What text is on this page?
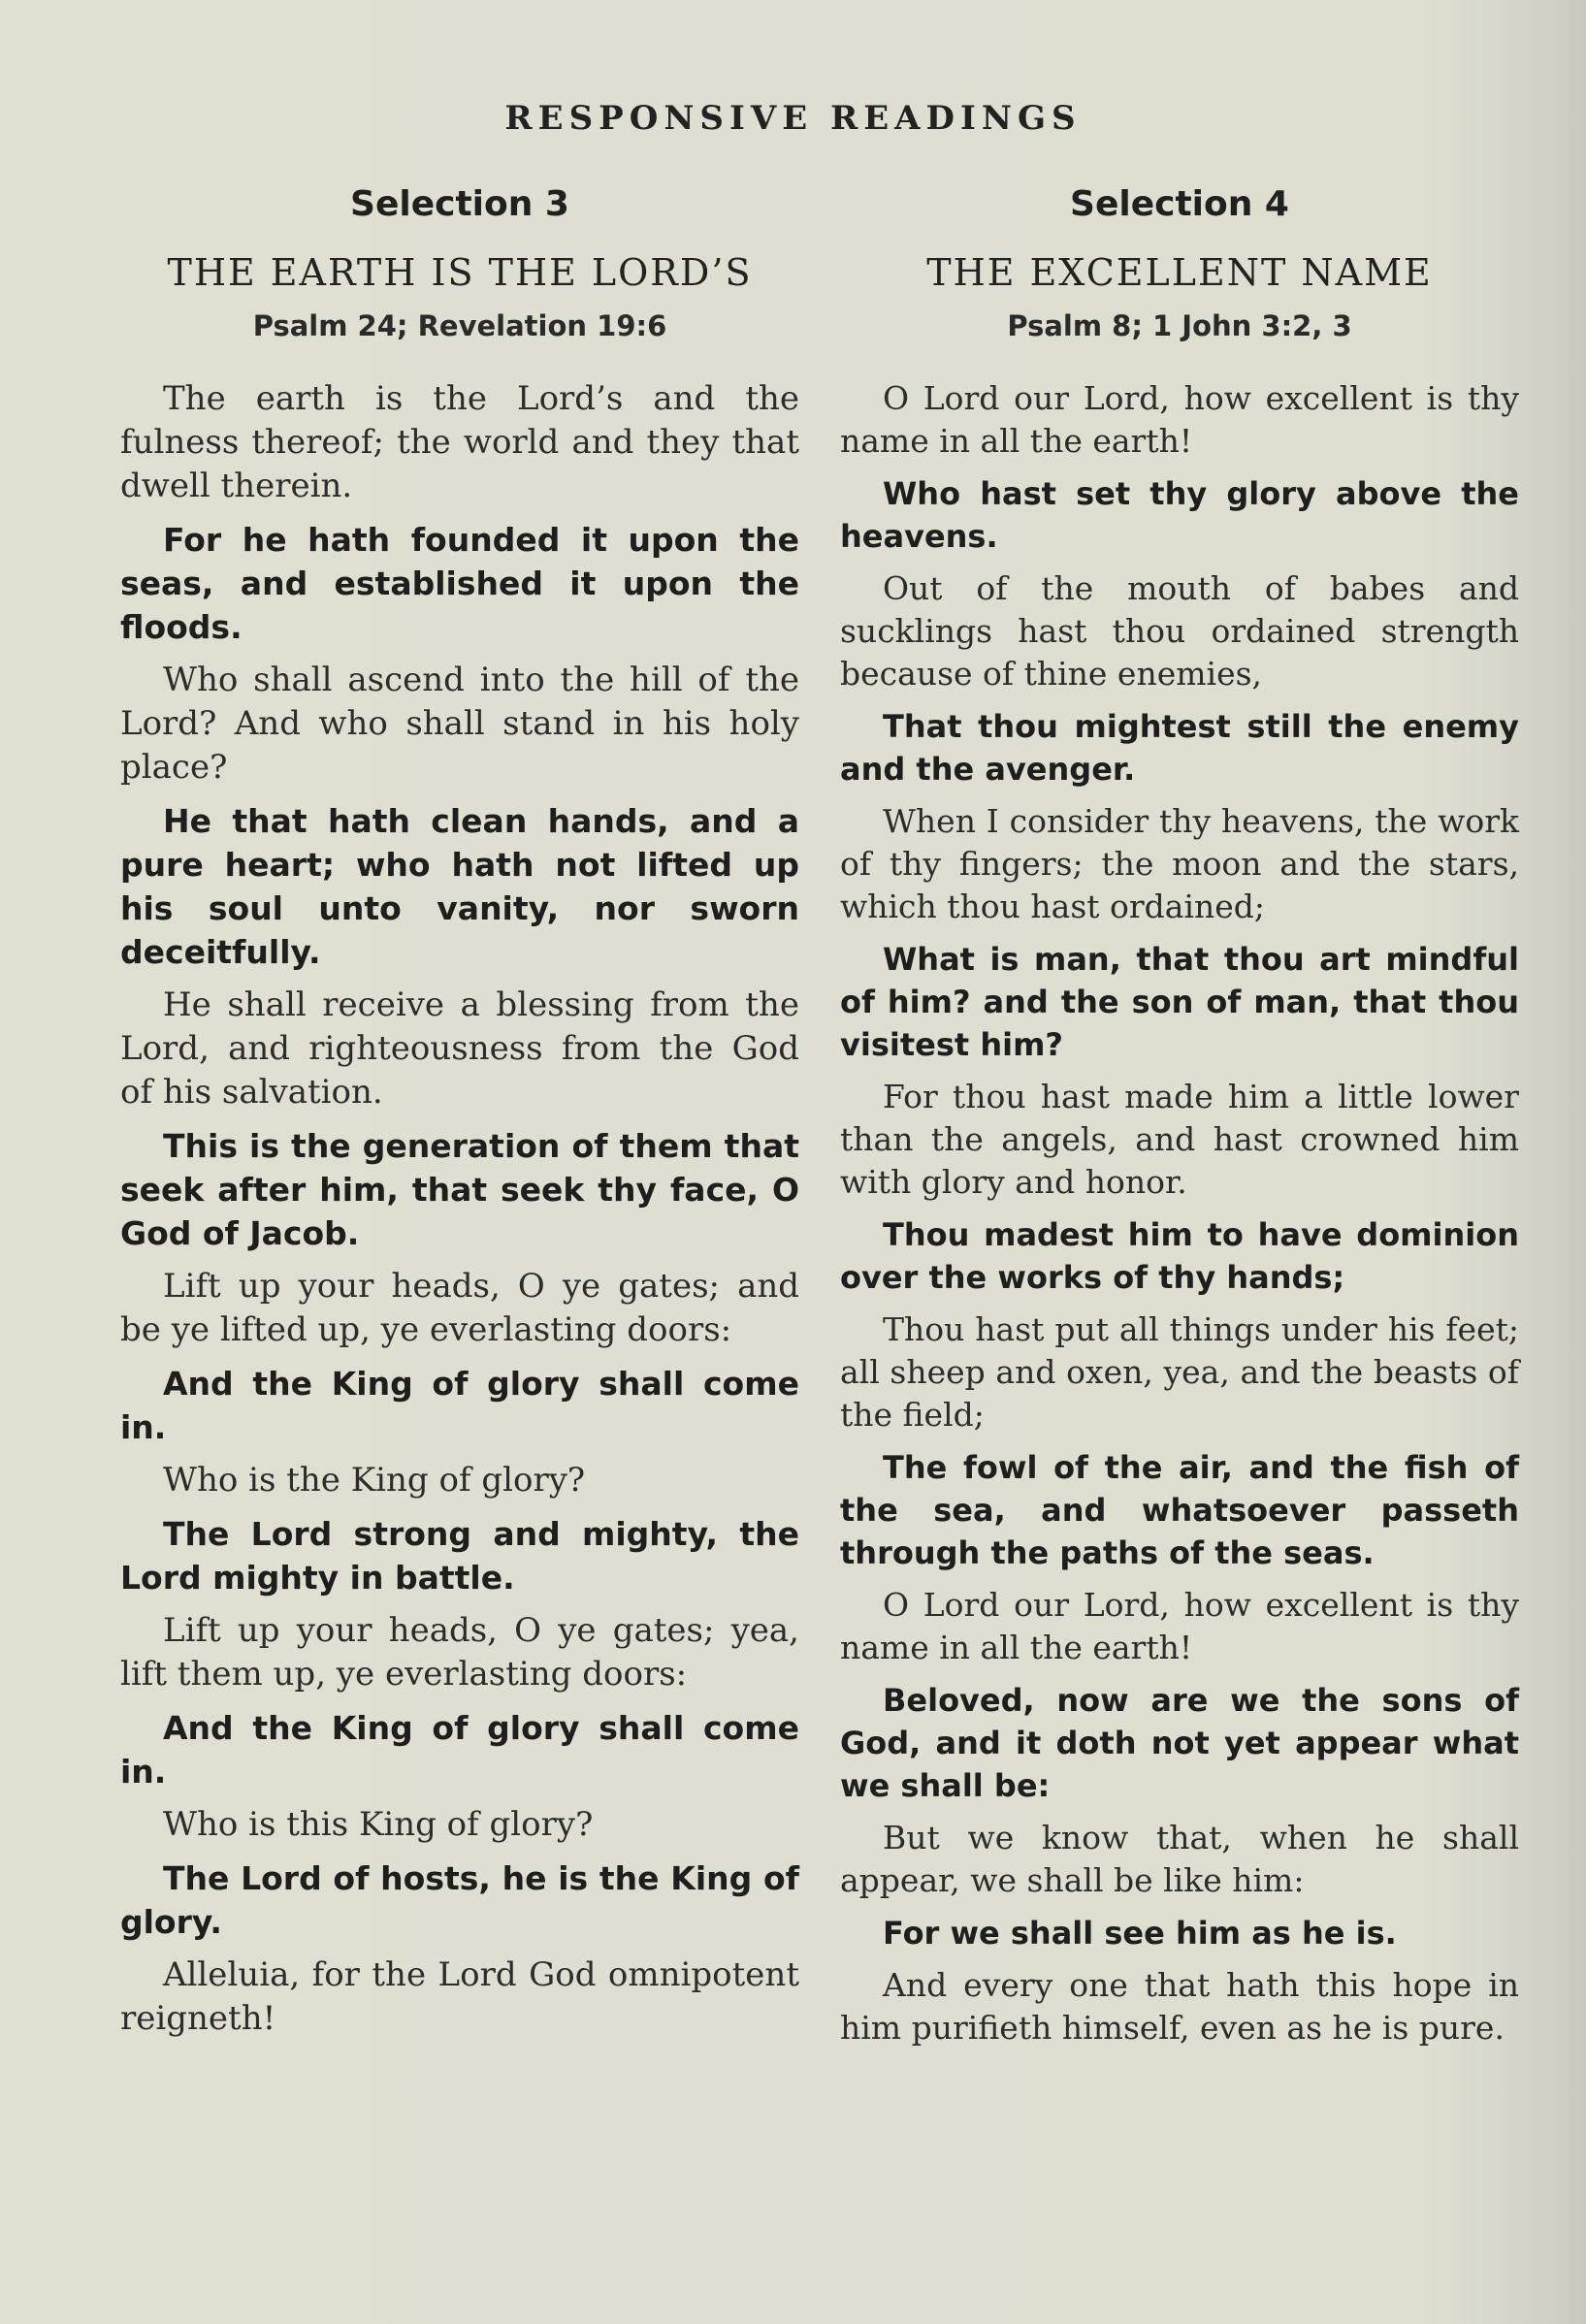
RESPONSIVE READINGS
Selection 3
THE EARTH IS THE LORD’S
Psalm 24; Revelation 19:6

The earth is the Lord’s and the fulness thereof; the world and they that dwell therein.

For he hath founded it upon the seas, and established it upon the floods.

Who shall ascend into the hill of the Lord? And who shall stand in his holy place?

He that hath clean hands, and a pure heart; who hath not lifted up his soul unto vanity, nor sworn deceitfully.

He shall receive a blessing from the Lord, and righteousness from the God of his salvation.

This is the generation of them that seek after him, that seek thy face, O God of Jacob.

Lift up your heads, O ye gates; and be ye lifted up, ye everlasting doors:

And the King of glory shall come in.

Who is the King of glory?

The Lord strong and mighty, the Lord mighty in battle.

Lift up your heads, O ye gates; yea, lift them up, ye everlasting doors:

And the King of glory shall come in.

Who is this King of glory?

The Lord of hosts, he is the King of glory.

Alleluia, for the Lord God omnipotent reigneth!

Selection 4
THE EXCELLENT NAME
Psalm 8; 1 John 3:2, 3

O Lord our Lord, how excellent is thy name in all the earth!

Who hast set thy glory above the heavens.

Out of the mouth of babes and sucklings hast thou ordained strength because of thine enemies,

That thou mightest still the enemy and the avenger.

When I consider thy heavens, the work of thy fingers; the moon and the stars, which thou hast ordained;

What is man, that thou art mindful of him? and the son of man, that thou visitest him?

For thou hast made him a little lower than the angels, and hast crowned him with glory and honor.

Thou madest him to have dominion over the works of thy hands;

Thou hast put all things under his feet; all sheep and oxen, yea, and the beasts of the field;

The fowl of the air, and the fish of the sea, and whatsoever passeth through the paths of the seas.

O Lord our Lord, how excellent is thy name in all the earth!

Beloved, now are we the sons of God, and it doth not yet appear what we shall be:

But we know that, when he shall appear, we shall be like him:

For we shall see him as he is.

And every one that hath this hope in him purifieth himself, even as he is pure.
